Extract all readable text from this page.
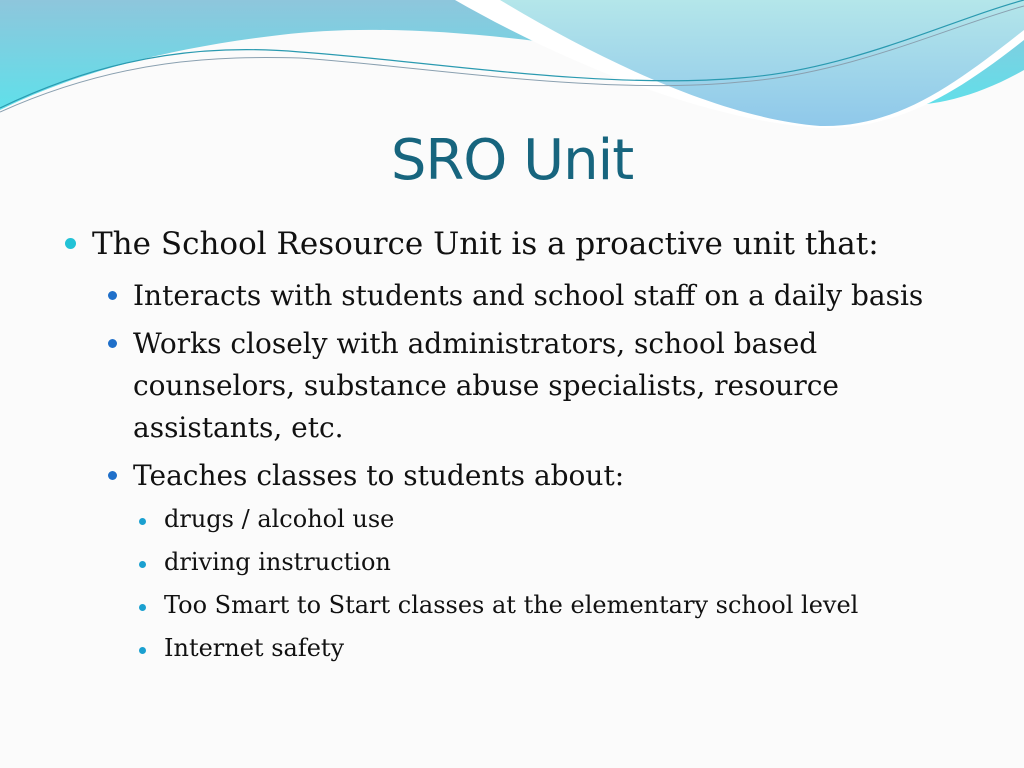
SRO Unit
The School Resource Unit is a proactive unit that:
Interacts with students and school staff on a daily basis
Works closely with administrators, school based
counselors, substance abuse specialists, resource
assistants, etc.
Teaches classes to students about:
drugs / alcohol use
driving instruction
Too Smart to Start classes at the elementary school level
Internet safety
